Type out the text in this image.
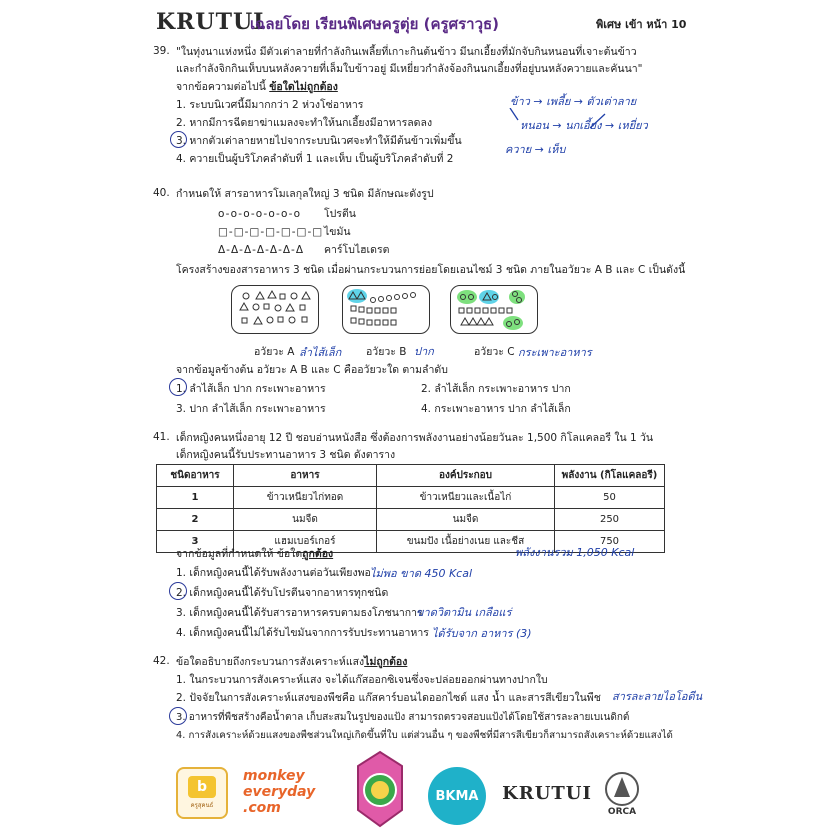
KRUTUI
เฉลยโดย เรียนพิเศษครูตุ่ย (ครูศราวุธ)	พิเศษ เข้า หน้า 10
39. "ในทุ่งนาแห่งหนึ่ง มีตัวเต่าลายที่กำลังกินเพลี้ยที่เกาะกินต้นข้าว มีนกเอี้ยงที่มักจับกินหนอนที่เจาะต้นข้าว
และกำลังจิกกินเห็บบนหลังควายที่เล็มใบข้าวอยู่ มีเหยี่ยวกำลังจ้องกินนกเอี้ยงที่อยู่บนหลังควายและคันนา"
จากข้อความต่อไปนี้ ข้อใดไม่ถูกต้อง
1. ระบบนิเวศนี้มีมากกว่า 2 ห่วงโซ่อาหาร
2. หากมีการฉีดยาฆ่าแมลงจะทำให้นกเอี้ยงมีอาหารลดลง
3. หากตัวเต่าลายหายไปจากระบบนิเวศจะทำให้มีต้นข้าวเพิ่มขึ้น
4. ควายเป็นผู้บริโภคลำดับที่ 1 และเห็บ เป็นผู้บริโภคลำดับที่ 2
ข้าว → เพลี้ย → ตัวเต่าลาย
หนอน → นกเอี้ยง → เหยี่ยว
ควาย → เห็บ
40. กำหนดให้ สารอาหารโมเลกุลใหญ่ 3 ชนิด มีลักษณะดังรูป
o-o-o-o-o-o-o โปรตีน
□-□-□-□-□-□-□ ไขมัน
Δ-Δ-Δ-Δ-Δ-Δ-Δ คาร์โบไฮเดรต
โครงสร้างของสารอาหาร 3 ชนิด เมื่อผ่านกระบวนการย่อยโดยเอนไซม์ 3 ชนิด ภายในอวัยวะ A B และ C เป็นดังนี้
อวัยวะ A ลำไส้เล็ก อวัยวะ B ปาก	อวัยวะ C กระเพาะอาหาร
จากข้อมูลข้างต้น อวัยวะ A B และ C คืออวัยวะใด ตามลำดับ
1. ลำไส้เล็ก ปาก กระเพาะอาหาร	2. ลำไส้เล็ก กระเพาะอาหาร ปาก
3. ปาก ลำไส้เล็ก กระเพาะอาหาร	4. กระเพาะอาหาร ปาก ลำไส้เล็ก
41. เด็กหญิงคนหนึ่งอายุ 12 ปี ชอบอ่านหนังสือ ซึ่งต้องการพลังงานอย่างน้อยวันละ 1,500 กิโลแคลอรี ใน 1 วัน
เด็กหญิงคนนี้รับประทานอาหาร 3 ชนิด ดังตาราง
ชนิดอาหาร	อาหาร	องค์ประกอบ	พลังงาน (กิโลแคลอรี)
1	ข้าวเหนียวไก่ทอด	ข้าวเหนียวและเนื้อไก่	50
2	นมจืด	นมจืด	250
3	แฮมเบอร์เกอร์	ขนมปัง เนื้อย่างเนย และชีส	750
พลังงานรวม 1,050 Kcal
จากข้อมูลที่กำหนดให้ ข้อใดถูกต้อง
1. เด็กหญิงคนนี้ได้รับพลังงานต่อวันเพียงพอ ไม่พอ ขาด 450 Kcal
2. เด็กหญิงคนนี้ได้รับโปรตีนจากอาหารทุกชนิด
3. เด็กหญิงคนนี้ได้รับสารอาหารครบตามธงโภชนาการ
ขาดวิตามิน เกลือแร่
4. เด็กหญิงคนนี้ไม่ได้รับไขมันจากการรับประทานอาหาร ได้รับจาก อาหาร (3)
42. ข้อใดอธิบายถึงกระบวนการสังเคราะห์แสงไม่ถูกต้อง
1. ในกระบวนการสังเคราะห์แสง จะได้แก๊สออกซิเจนซึ่งจะปล่อยออกผ่านทางปากใบ
2. ปัจจัยในการสังเคราะห์แสงของพืชคือ แก๊สคาร์บอนไดออกไซด์ แสง น้ำ และสารสีเขียวในพืช สารละลายไอโอดีน
3. อาหารที่พืชสร้างคือน้ำตาล เก็บสะสมในรูปของแป้ง สามารถตรวจสอบแป้งได้โดยใช้สารละลายเบเนดิกต์
4. การสังเคราะห์ด้วยแสงของพืชส่วนใหญ่เกิดขึ้นที่ใบ แต่ส่วนอื่น ๆ ของพืชที่มีสารสีเขียวก็สามารถสังเคราะห์ด้วยแสงได้
b
ครูสุคนธ์
monkey everyday .com
BKMA KRUTUI
ORCA
